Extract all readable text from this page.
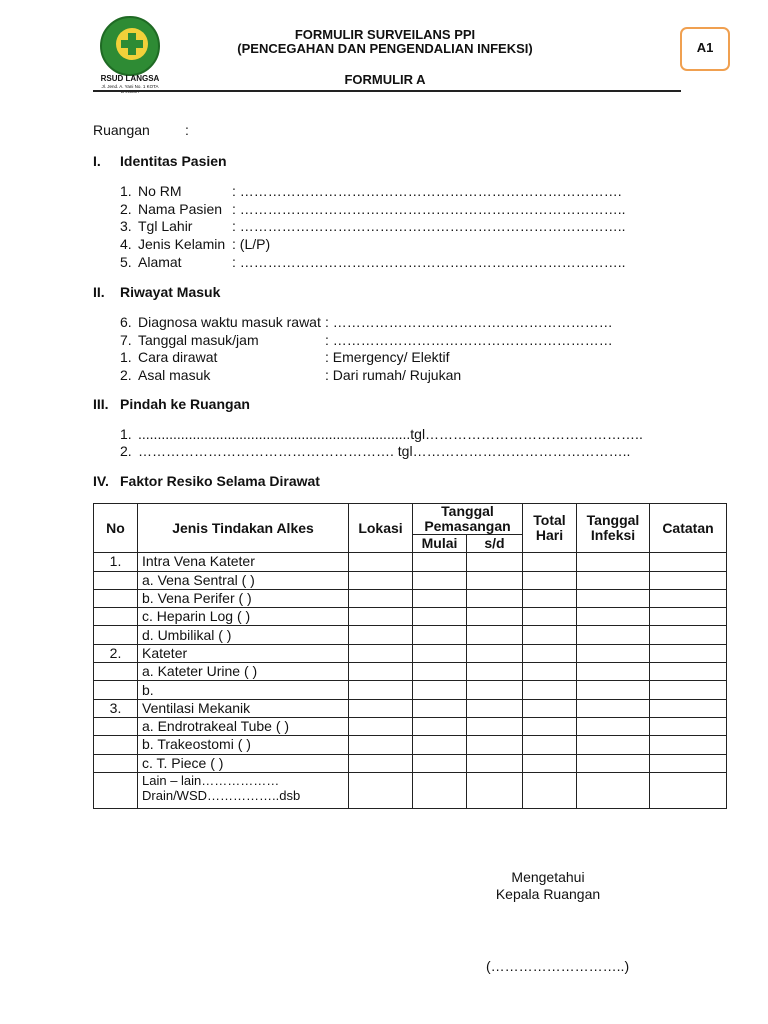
RSUD LANGSA
Jl. Jend. A. Yani No. 1 KOTA LANGSA
FORMULIR SURVEILANS PPI
(PENCEGAHAN DAN PENGENDALIAN INFEKSI)
FORMULIR A
A1
Ruangan	:
I. Identitas Pasien
1. No RM	: ……………………………………………………………………….
2. Nama Pasien : ………………………………………………………………………..
3. Tgl Lahir	: ………………………………………………………………………..
4. Jenis Kelamin : (L/P)
5. Alamat	: ………………………………………………………………………..
II. Riwayat Masuk
6. Diagnosa waktu masuk rawat : ……………………………………………………
7. Tanggal masuk/jam	: ……………………………………………………
1. Cara dirawat	: Emergency/ Elektif
2. Asal masuk	: Dari rumah/ Rujukan
III. Pindah ke Ruangan
1. ......................................................................tgl………………………………………..
2. ………………………………………………. tgl………………………………………..
IV. Faktor Resiko Selama Dirawat
No	Jenis Tindakan Alkes	Lokasi	Tanggal Pemasangan		Total Hari	Tanggal Infeksi	Catatan
			Mulai	s/d			
1.	Intra Vena Kateter						
	a. Vena Sentral ( )						
	b. Vena Perifer ( )						
	c. Heparin Log ( )						
	d. Umbilikal ( )						
2.	Kateter						
	a. Kateter Urine ( )						
	b.						
3.	Ventilasi Mekanik						
	a. Endrotrakeal Tube ( )						
	b. Trakeostomi ( )						
	c. T. Piece ( )						

	Lain – lain………………
Drain/WSD……………..dsb						

Mengetahui
Kepala Ruangan
(………………………..)
